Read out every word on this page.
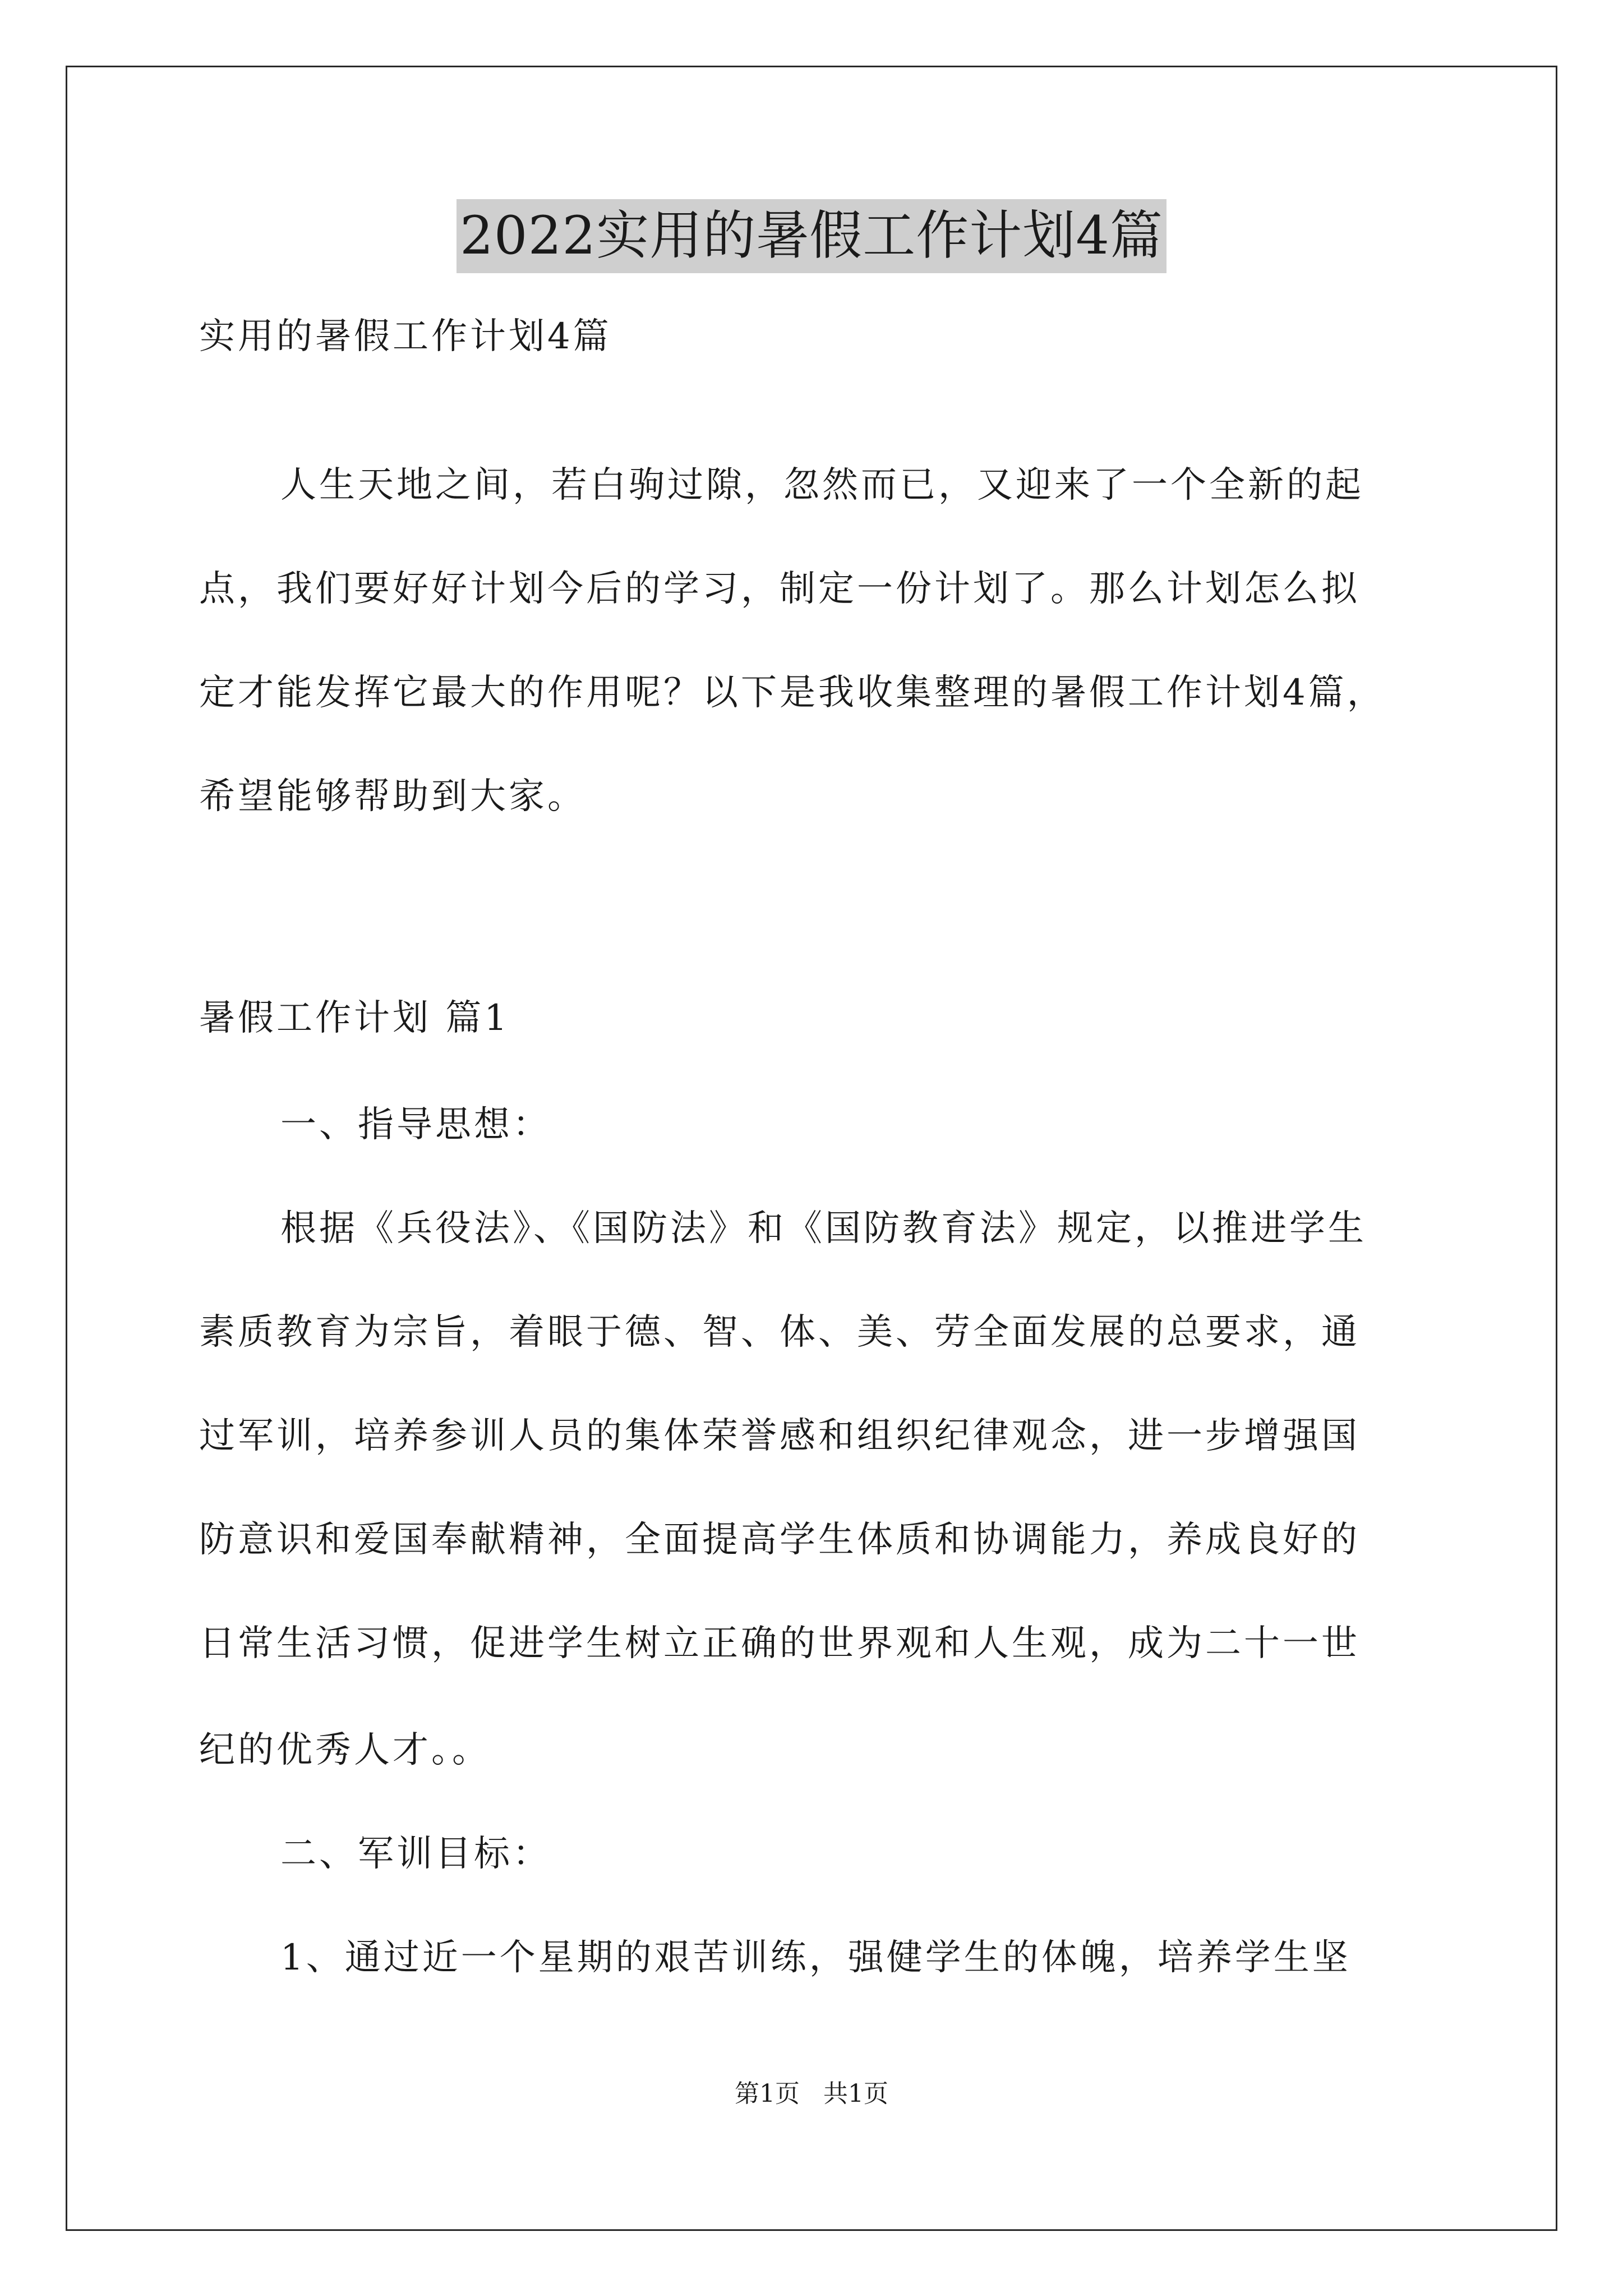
2022实用的暑假工作计划4篇
实用的暑假工作计划4篇
人生天地之间，若白驹过隙，忽然而已，又迎来了一个全新的起
点，我们要好好计划今后的学习，制定一份计划了。那么计划怎么拟
定才能发挥它最大的作用呢？以下是我收集整理的暑假工作计划4篇，
希望能够帮助到大家。
暑假工作计划 篇1
一、指导思想：
根据《兵役法》、《国防法》和《国防教育法》规定，以推进学生
素质教育为宗旨，着眼于德、智、体、美、劳全面发展的总要求，通
过军训，培养参训人员的集体荣誉感和组织纪律观念，进一步增强国
防意识和爱国奉献精神，全面提高学生体质和协调能力，养成良好的
日常生活习惯，促进学生树立正确的世界观和人生观，成为二十一世
纪的优秀人才。。
二、军训目标：
1、通过近一个星期的艰苦训练，强健学生的体魄，培养学生坚
第1页   共1页
